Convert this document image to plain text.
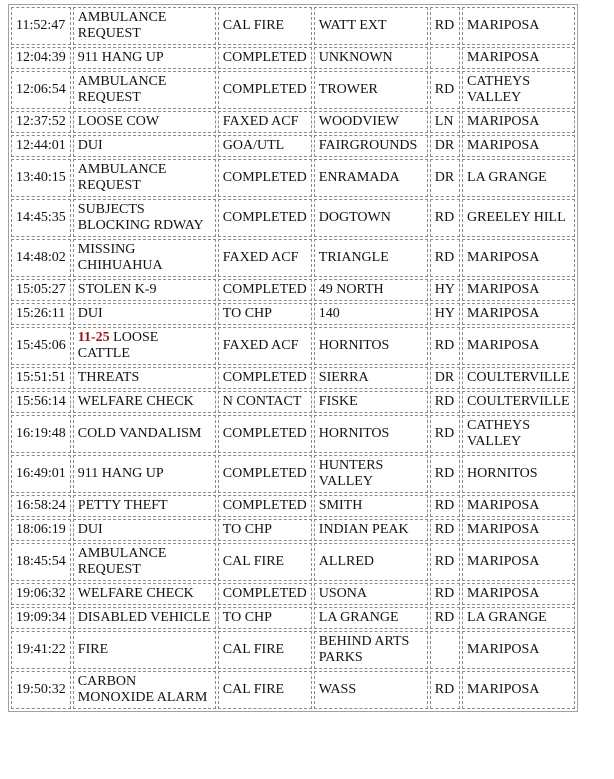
11:52:47	AMBULANCE REQUEST	CAL FIRE	WATT EXT	RD	MARIPOSA
12:04:39	911 HANG UP	COMPLETED	UNKNOWN		MARIPOSA
12:06:54	AMBULANCE REQUEST	COMPLETED	TROWER	RD	CATHEYS VALLEY
12:37:52	LOOSE COW	FAXED ACF	WOODVIEW	LN	MARIPOSA
12:44:01	DUI	GOA/UTL	FAIRGROUNDS	DR	MARIPOSA
13:40:15	AMBULANCE REQUEST	COMPLETED	ENRAMADA	DR	LA GRANGE
14:45:35	SUBJECTS BLOCKING RDWAY	COMPLETED	DOGTOWN	RD	GREELEY HILL
14:48:02	MISSING CHIHUAHUA	FAXED ACF	TRIANGLE	RD	MARIPOSA
15:05:27	STOLEN K-9	COMPLETED	49 NORTH	HY	MARIPOSA
15:26:11	DUI	TO CHP	140	HY	MARIPOSA
15:45:06	11-25 LOOSE CATTLE	FAXED ACF	HORNITOS	RD	MARIPOSA
15:51:51	THREATS	COMPLETED	SIERRA	DR	COULTERVILLE
15:56:14	WELFARE CHECK	N CONTACT	FISKE	RD	COULTERVILLE
16:19:48	COLD VANDALISM	COMPLETED	HORNITOS	RD	CATHEYS VALLEY
16:49:01	911 HANG UP	COMPLETED	HUNTERS VALLEY	RD	HORNITOS
16:58:24	PETTY THEFT	COMPLETED	SMITH	RD	MARIPOSA
18:06:19	DUI	TO CHP	INDIAN PEAK	RD	MARIPOSA
18:45:54	AMBULANCE REQUEST	CAL FIRE	ALLRED	RD	MARIPOSA
19:06:32	WELFARE CHECK	COMPLETED	USONA	RD	MARIPOSA
19:09:34	DISABLED VEHICLE	TO CHP	LA GRANGE	RD	LA GRANGE
19:41:22	FIRE	CAL FIRE	BEHIND ARTS PARKS		MARIPOSA
19:50:32	CARBON MONOXIDE ALARM	CAL FIRE	WASS	RD	MARIPOSA
